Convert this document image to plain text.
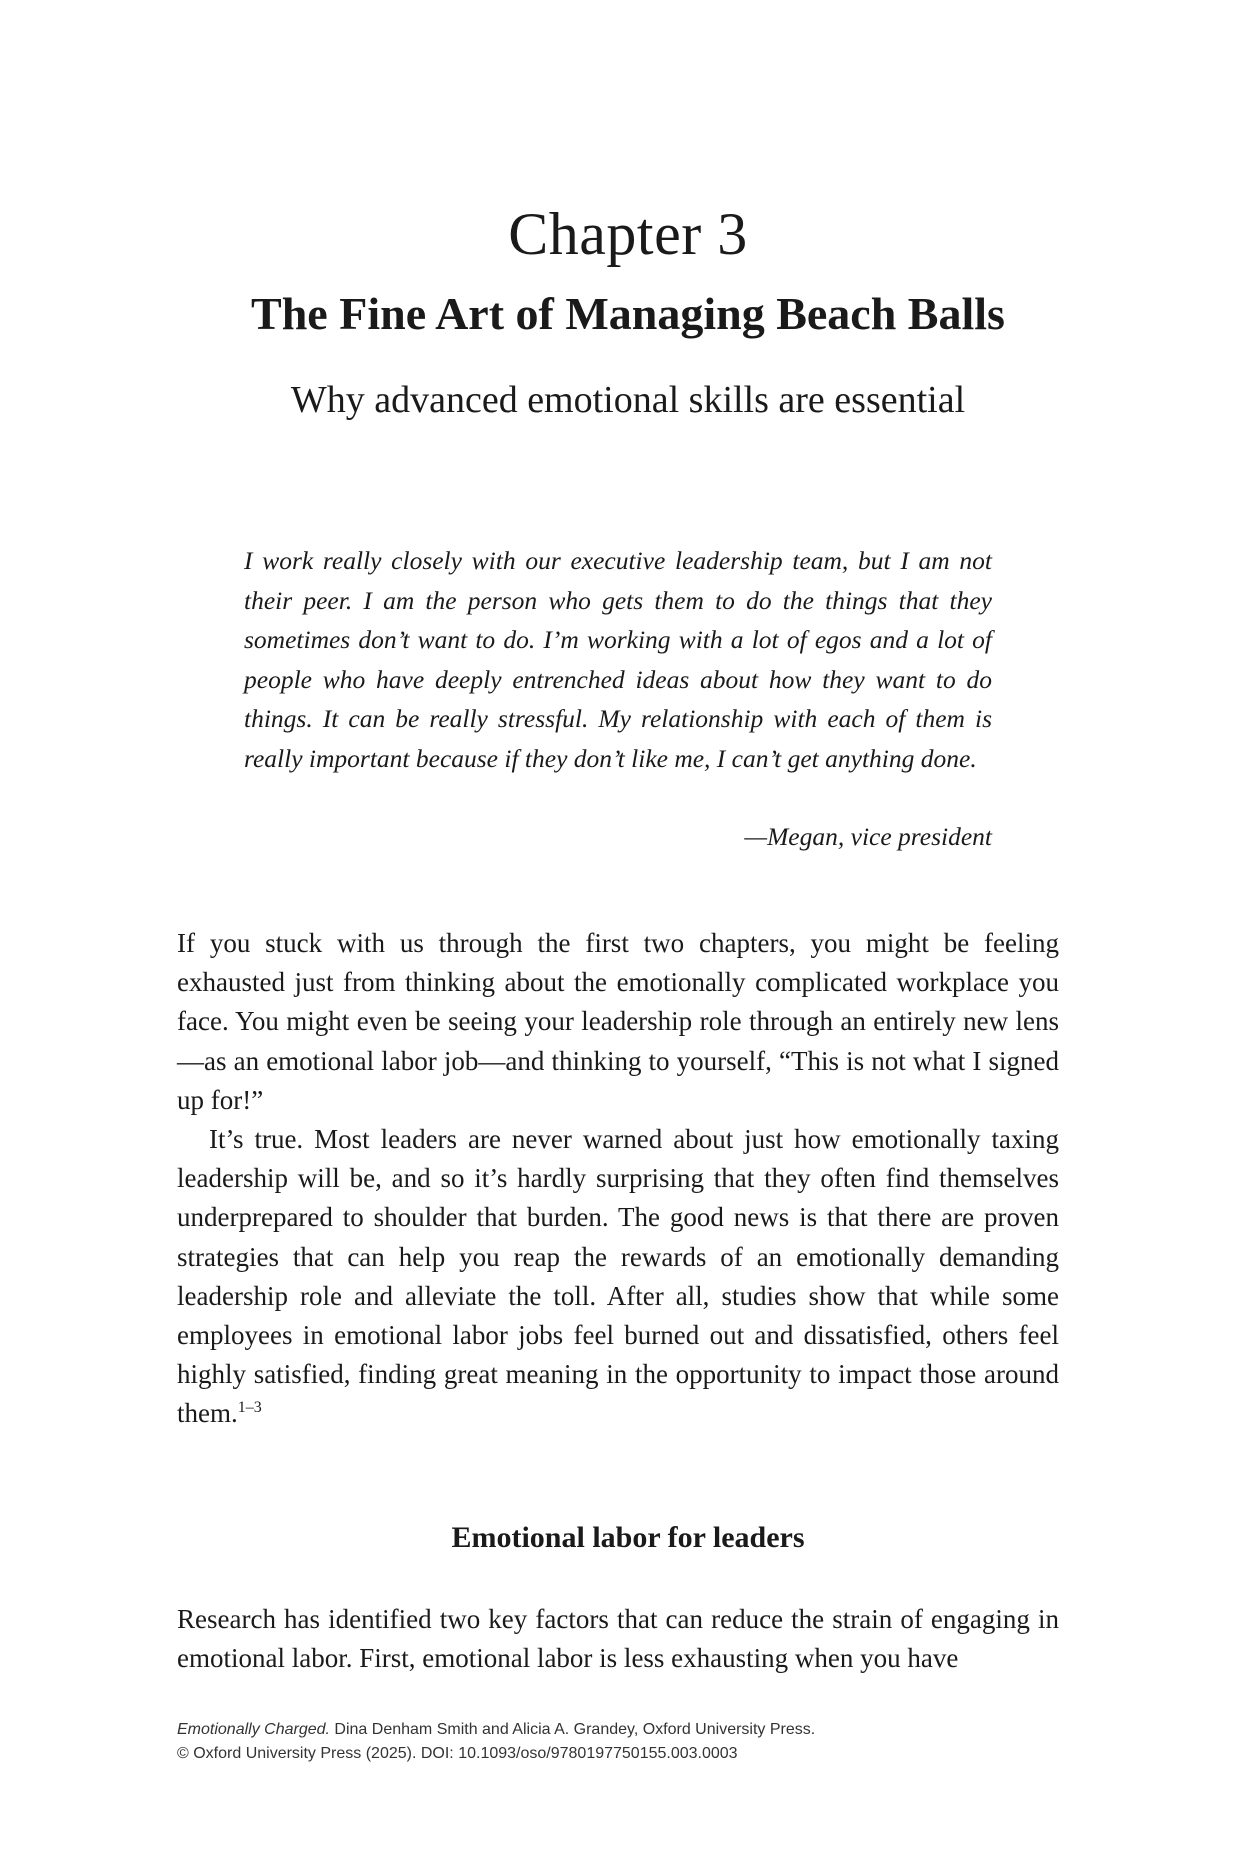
Chapter 3
The Fine Art of Managing Beach Balls
Why advanced emotional skills are essential

I work really closely with our executive leadership team, but I am not their peer. I am the person who gets them to do the things that they sometimes don’t want to do. I’m working with a lot of egos and a lot of people who have deeply entrenched ideas about how they want to do things. It can be really stressful. My relationship with each of them is really important because if they don’t like me, I can’t get anything done.

—Megan, vice president

If you stuck with us through the first two chapters, you might be feeling exhausted just from thinking about the emotionally complicated workplace you face. You might even be seeing your leadership role through an entirely new lens—as an emotional labor job—and thinking to yourself, “This is not what I signed up for!”

It’s true. Most leaders are never warned about just how emotionally taxing leadership will be, and so it’s hardly surprising that they often find themselves underprepared to shoulder that burden. The good news is that there are proven strategies that can help you reap the rewards of an emotionally demanding leadership role and alleviate the toll. After all, studies show that while some employees in emotional labor jobs feel burned out and dissatisfied, others feel highly satisfied, finding great meaning in the opportunity to impact those around them.$^{1-3}$

Emotional labor for leaders

Research has identified two key factors that can reduce the strain of engaging in emotional labor. First, emotional labor is less exhausting when you have

Emotionally Charged. Dina Denham Smith and Alicia A. Grandey, Oxford University Press.
© Oxford University Press (2025). DOI: 10.1093/oso/9780197750155.003.0003
